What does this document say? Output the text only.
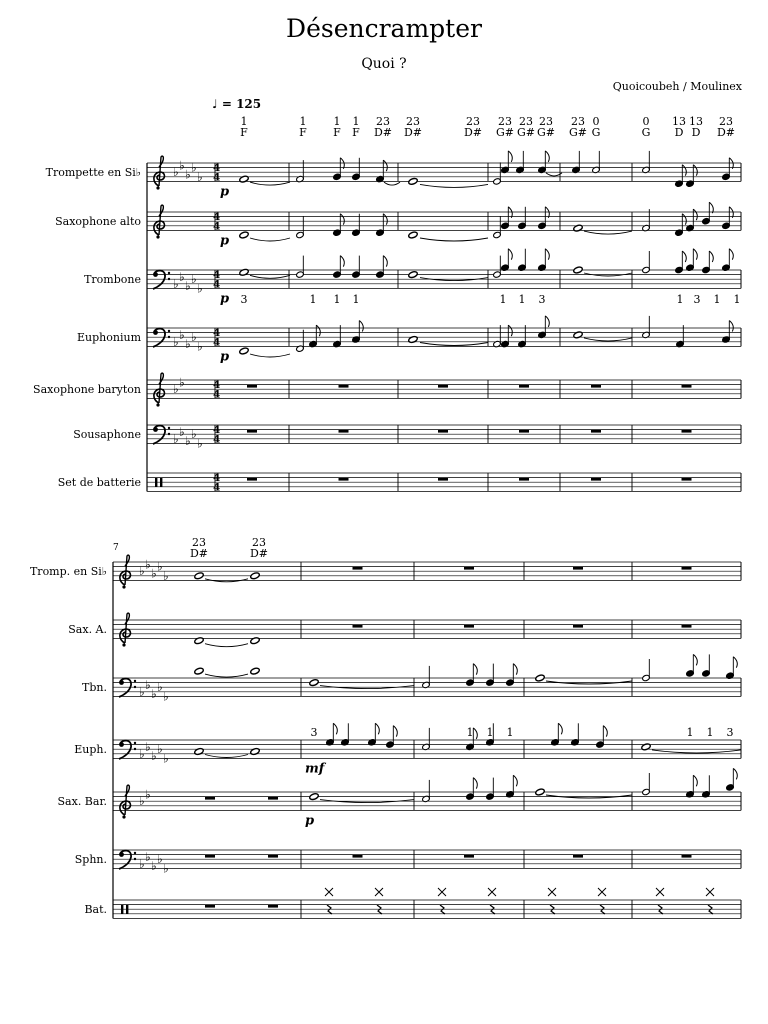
Désencrampter
Quoi ?
Quoicoubeh / Moulinex
Trompette en Si♭	♭ ♭
♭ ♭
♭
4
4
p
Saxophone alto	4
4
p
Trombone	♭ ♭
♭ ♭
♭
4
4
p
Euphonium	♭ ♭
♭ ♭
♭
4
4
p
Saxophone baryton	♭ ♭	4
4
Sousaphone	♭ ♭
♭ ♭
♭
4
4
Set de batterie	4
4
Tromp. en Si♭	♭ ♭
♭ ♭
♭
Sax. A.
Tbn.	♭ ♭
♭ ♭
♭
Euph.	♭ ♭
♭ ♭
♭
mf
Sax. Bar.	♭ ♭
p
Sphn.	♭ ♭
♭ ♭
♭
Bat.
♩ = 125
1
F
1
F
1
F
1
F
23
D#
23
D#
23
D#
23
G#
23
G#
23
G#
23
G#
0
G
0
G
13
D
13
D
23
D#
3	1 1 1	1 1 3	1 3 1 1
7	23
D#
23
D#
3	1 1 1	1 1 3
